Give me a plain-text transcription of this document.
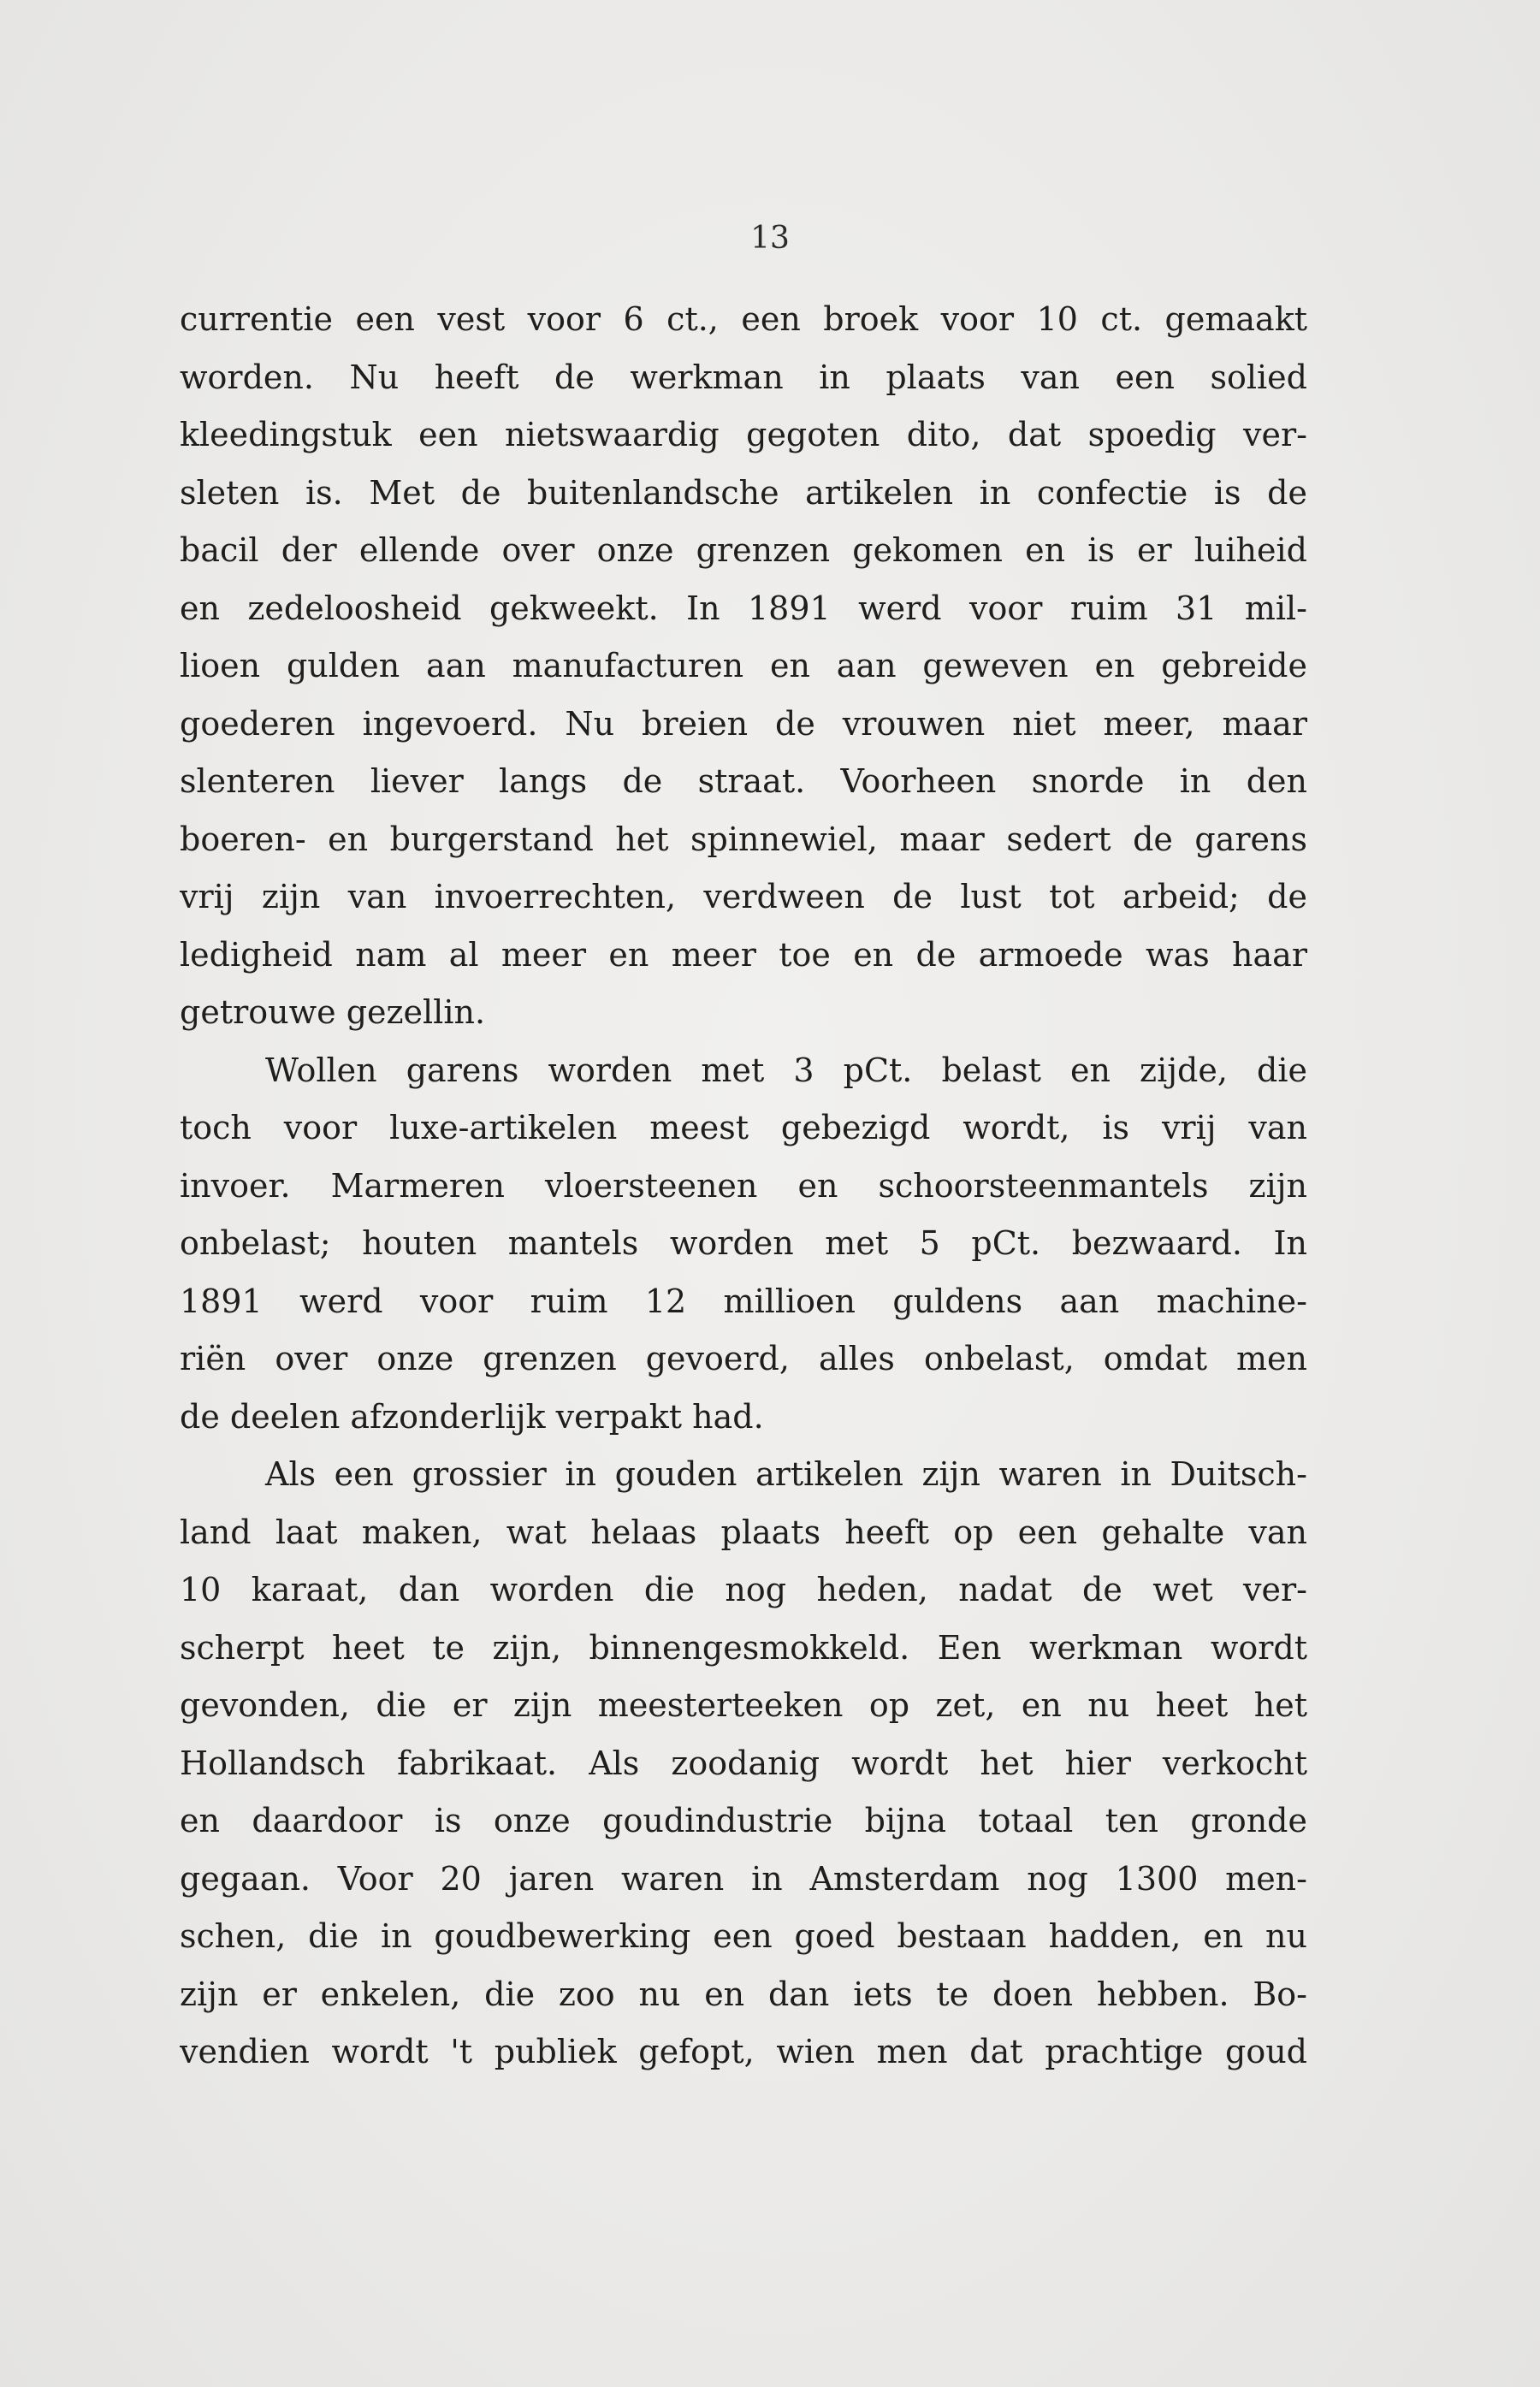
13
currentie een vest voor 6 ct., een broek voor 10 ct. gemaakt
worden. Nu heeft de werkman in plaats van een solied
kleedingstuk een nietswaardig gegoten dito, dat spoedig ver-
sleten is. Met de buitenlandsche artikelen in confectie is de
bacil der ellende over onze grenzen gekomen en is er luiheid
en zedeloosheid gekweekt. In 1891 werd voor ruim 31 mil-
lioen gulden aan manufacturen en aan geweven en gebreide
goederen ingevoerd. Nu breien de vrouwen niet meer, maar
slenteren liever langs de straat. Voorheen snorde in den
boeren- en burgerstand het spinnewiel, maar sedert de garens
vrij zijn van invoerrechten, verdween de lust tot arbeid; de
ledigheid nam al meer en meer toe en de armoede was haar
getrouwe gezellin.
Wollen garens worden met 3 pCt. belast en zijde, die
toch voor luxe-artikelen meest gebezigd wordt, is vrij van
invoer. Marmeren vloersteenen en schoorsteenmantels zijn
onbelast; houten mantels worden met 5 pCt. bezwaard. In
1891 werd voor ruim 12 millioen guldens aan machine-
riën over onze grenzen gevoerd, alles onbelast, omdat men
de deelen afzonderlijk verpakt had.
Als een grossier in gouden artikelen zijn waren in Duitsch-
land laat maken, wat helaas plaats heeft op een gehalte van
10 karaat, dan worden die nog heden, nadat de wet ver-
scherpt heet te zijn, binnengesmokkeld. Een werkman wordt
gevonden, die er zijn meesterteeken op zet, en nu heet het
Hollandsch fabrikaat. Als zoodanig wordt het hier verkocht
en daardoor is onze goudindustrie bijna totaal ten gronde
gegaan. Voor 20 jaren waren in Amsterdam nog 1300 men-
schen, die in goudbewerking een goed bestaan hadden, en nu
zijn er enkelen, die zoo nu en dan iets te doen hebben. Bo-
vendien wordt 't publiek gefopt, wien men dat prachtige goud
